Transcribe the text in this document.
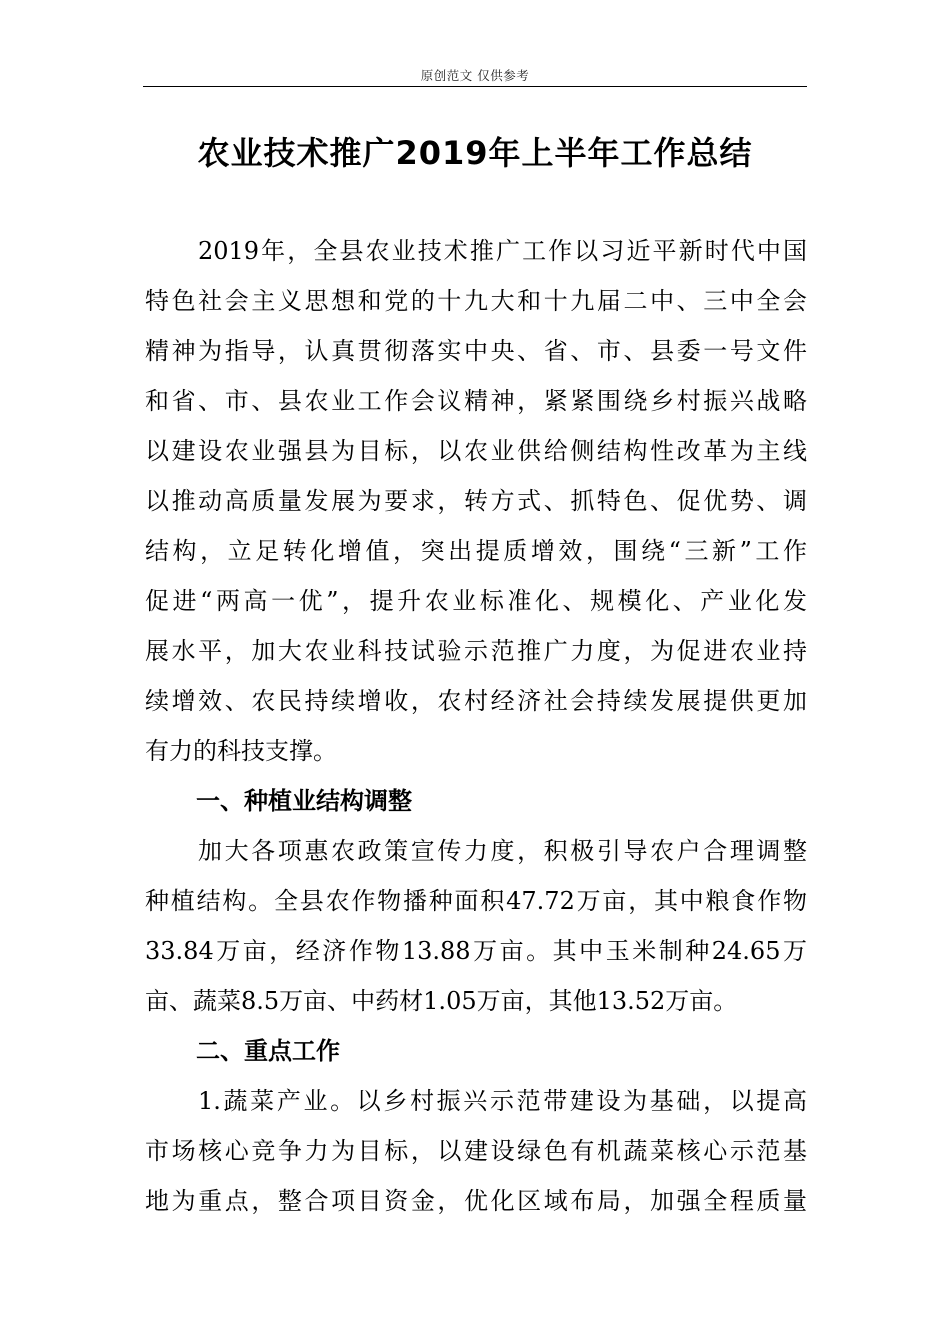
原创范文 仅供参考
农业技术推广2019年上半年工作总结
2019年，全县农业技术推广工作以习近平新时代中国
特色社会主义思想和党的十九大和十九届二中、三中全会
精神为指导，认真贯彻落实中央、省、市、县委一号文件
和省、市、县农业工作会议精神，紧紧围绕乡村振兴战略
以建设农业强县为目标，以农业供给侧结构性改革为主线
以推动高质量发展为要求，转方式、抓特色、促优势、调
结构，立足转化增值，突出提质增效，围绕“三新”工作
促进“两高一优”，提升农业标准化、规模化、产业化发
展水平，加大农业科技试验示范推广力度，为促进农业持
续增效、农民持续增收，农村经济社会持续发展提供更加
有力的科技支撑。
一、种植业结构调整
加大各项惠农政策宣传力度，积极引导农户合理调整
种植结构。全县农作物播种面积47.72万亩，其中粮食作物
33.84万亩，经济作物13.88万亩。其中玉米制种24.65万
亩、蔬菜8.5万亩、中药材1.05万亩，其他13.52万亩。
二、重点工作
1.蔬菜产业。以乡村振兴示范带建设为基础，以提高
市场核心竞争力为目标，以建设绿色有机蔬菜核心示范基
地为重点，整合项目资金，优化区域布局，加强全程质量
